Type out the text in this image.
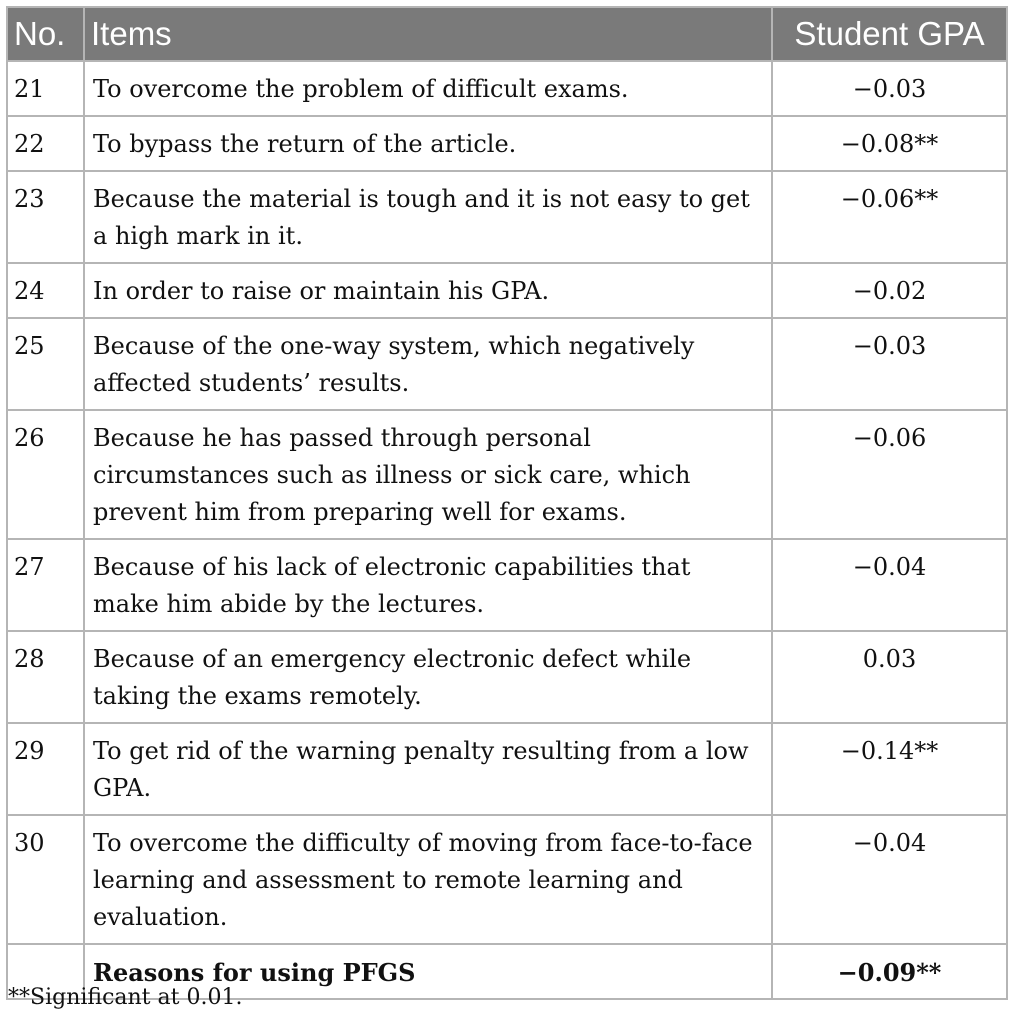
No.	Items	Student GPA
21	To overcome the problem of difficult exams.	−0.03
22	To bypass the return of the article.	−0.08**
23	Because the material is tough and it is not easy to get a high mark in it.	−0.06**
24	In order to raise or maintain his GPA.	−0.02
25	Because of the one-way system, which negatively affected students’ results.	−0.03
26	Because he has passed through personal circumstances such as illness or sick care, which prevent him from preparing well for exams.	−0.06
27	Because of his lack of electronic capabilities that make him abide by the lectures.	−0.04
28	Because of an emergency electronic defect while taking the exams remotely.	0.03
29	To get rid of the warning penalty resulting from a low GPA.	−0.14**
30	To overcome the difficulty of moving from face-to-face learning and assessment to remote learning and evaluation.	−0.04
	Reasons for using PFGS	−0.09**
**Significant at 0.01.
